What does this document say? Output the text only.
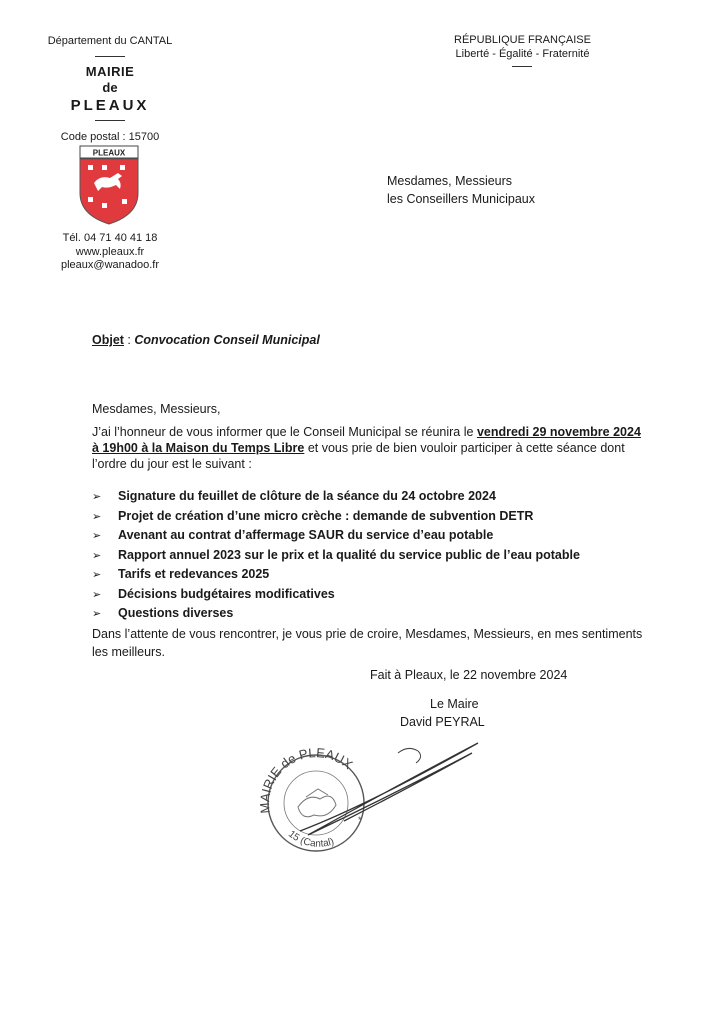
Département du CANTAL
MAIRIE
de
PLEAUX
Code postal : 15700
PLEAUX
Tél. 04 71 40 41 18
www.pleaux.fr
pleaux@wanadoo.fr
RÉPUBLIQUE FRANÇAISE
Liberté - Égalité - Fraternité
Mesdames, Messieurs
les Conseillers Municipaux
Objet : Convocation Conseil Municipal
Mesdames, Messieurs,
J’ai l’honneur de vous informer que le Conseil Municipal se réunira le vendredi 29 novembre 2024 à 19h00 à la Maison du Temps Libre et vous prie de bien vouloir participer à cette séance dont l’ordre du jour est le suivant :
➢ Signature du feuillet de clôture de la séance du 24 octobre 2024
➢ Projet de création d’une micro crèche : demande de subvention DETR
➢ Avenant au contrat d’affermage SAUR du service d’eau potable
➢ Rapport annuel 2023 sur le prix et la qualité du service public de l’eau potable
➢ Tarifs et redevances 2025
➢ Décisions budgétaires modificatives
➢ Questions diverses
Dans l’attente de vous rencontrer, je vous prie de croire, Mesdames, Messieurs, en mes sentiments les meilleurs.
Fait à Pleaux, le 22 novembre 2024
Le Maire
David PEYRAL
MAIRIE de PLEAUX
15 (Cantal)
*
